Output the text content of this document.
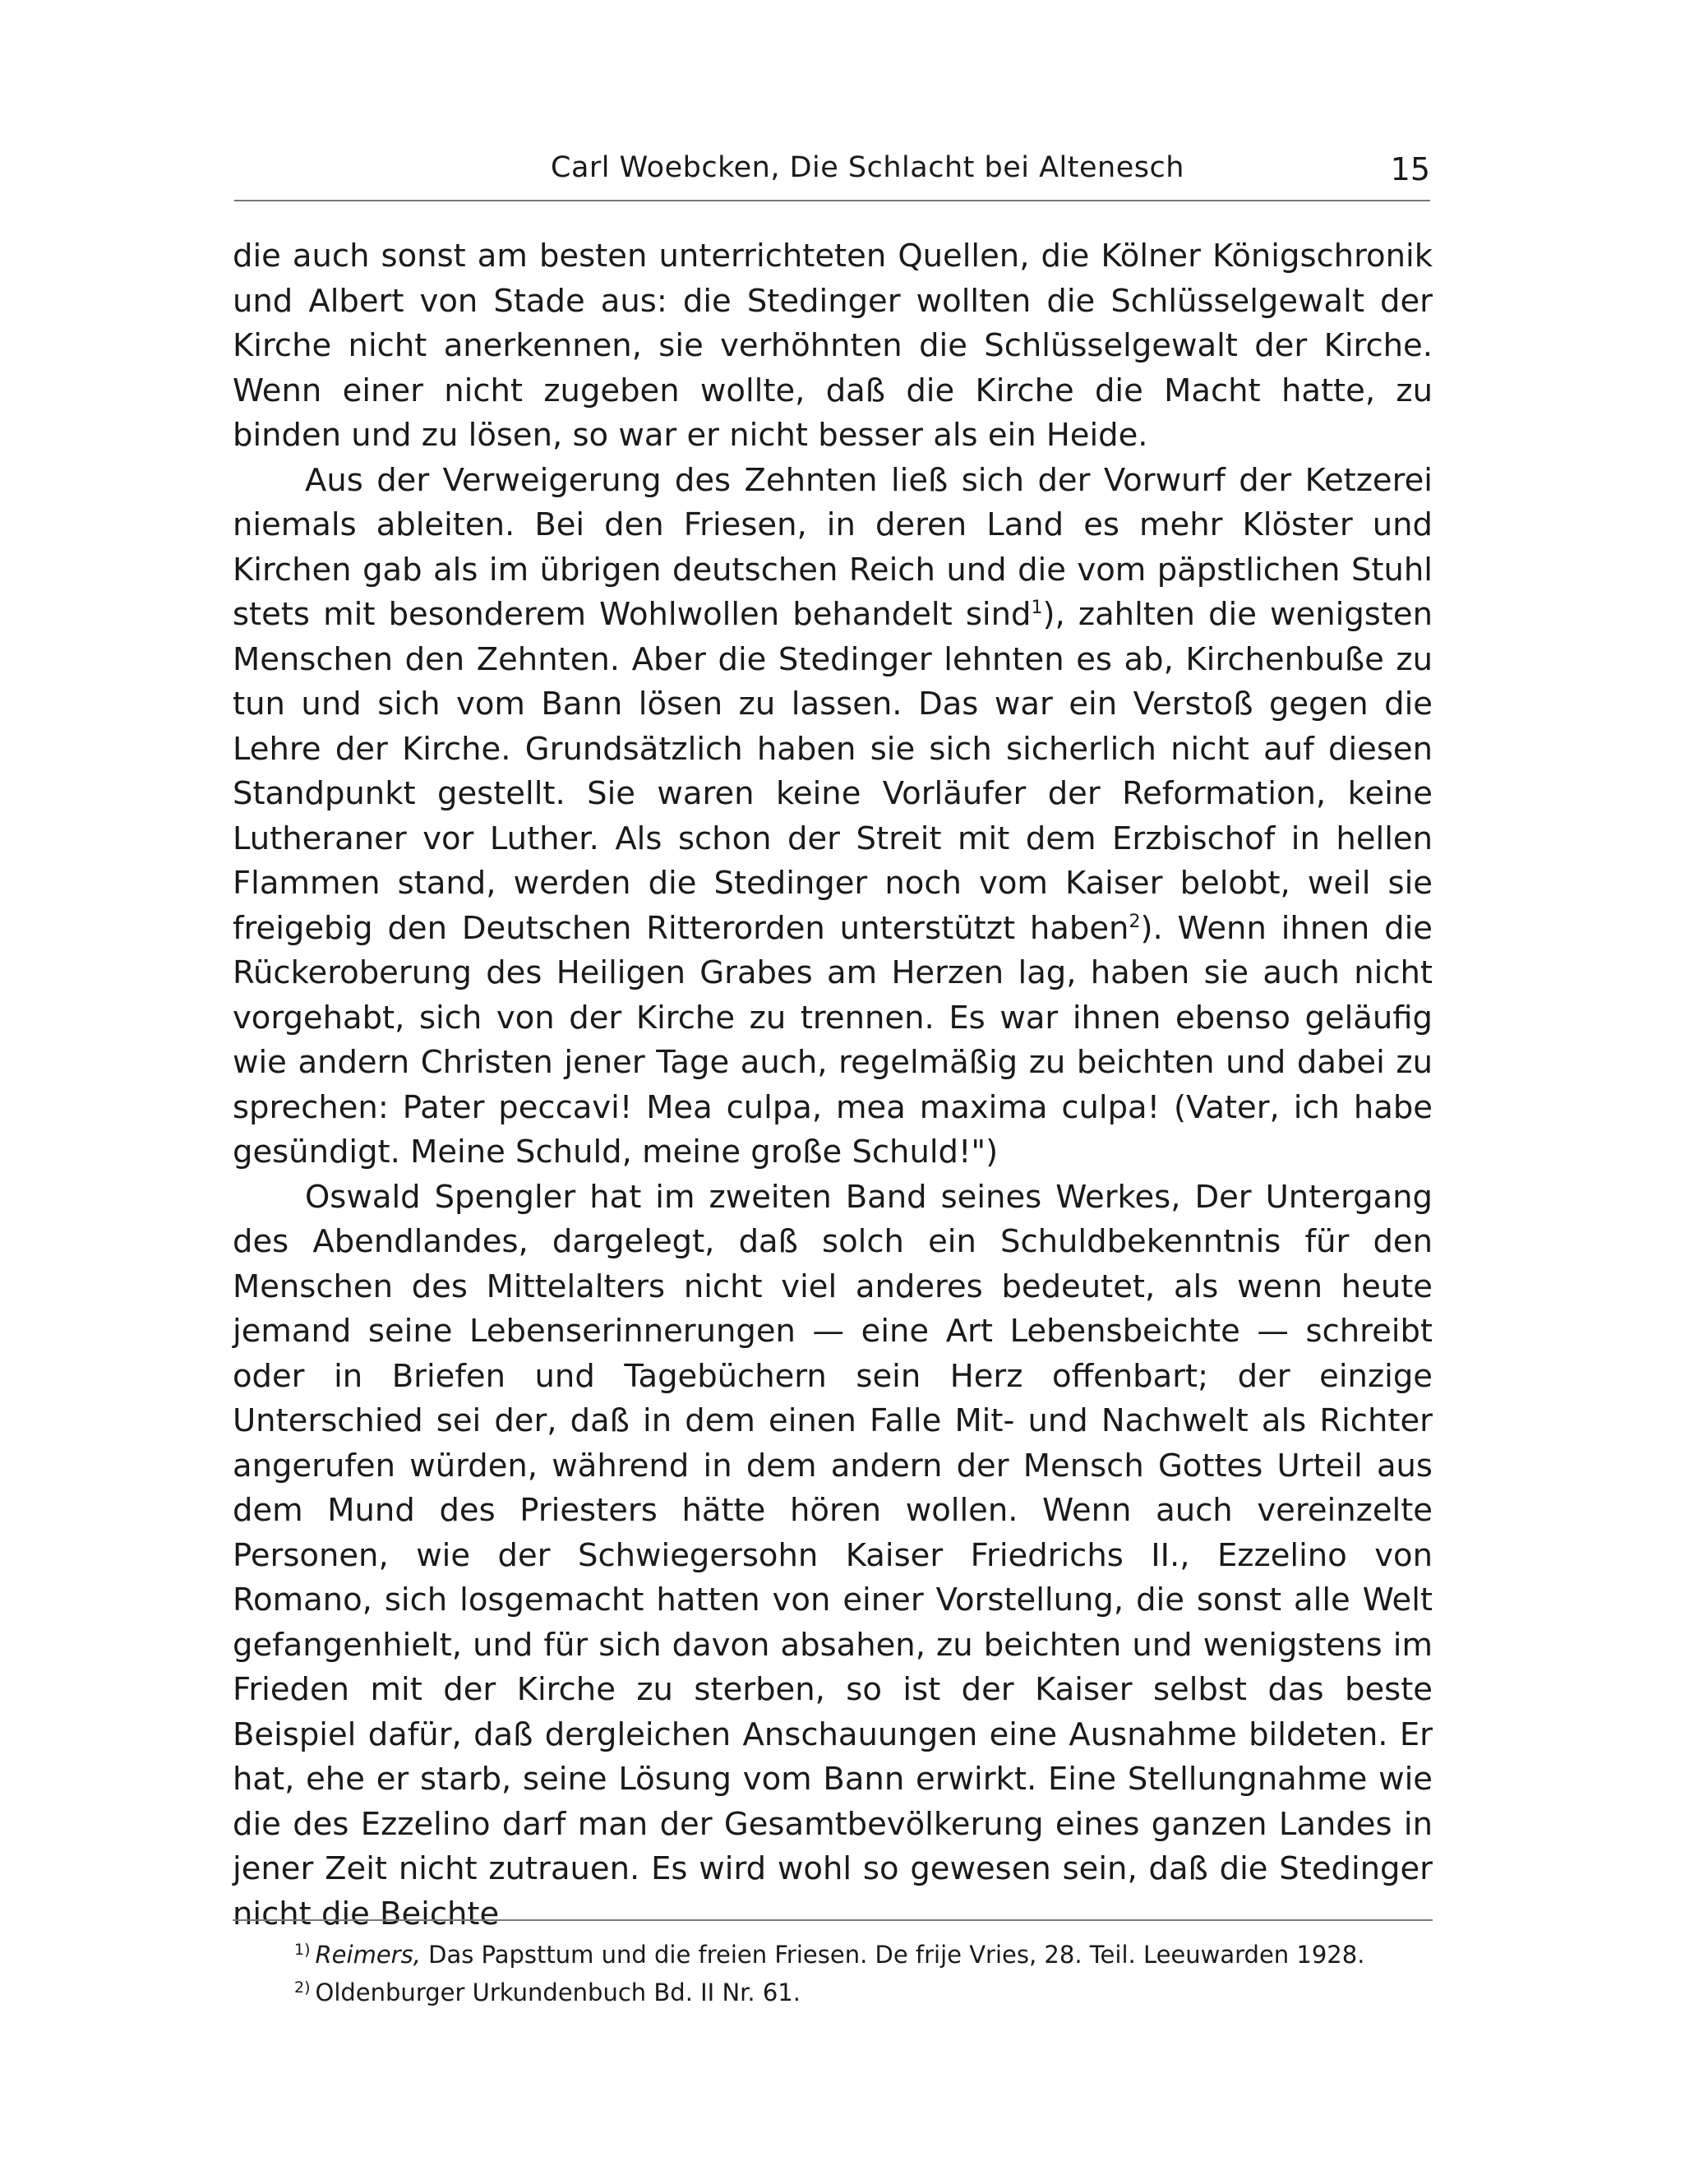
Carl Woebcken, Die Schlacht bei Altenesch	15

die auch sonst am besten unterrichteten Quellen, die Kölner Königschronik und Albert von Stade aus: die Stedinger wollten die Schlüsselgewalt der Kirche nicht anerkennen, sie verhöhnten die Schlüsselgewalt der Kirche. Wenn einer nicht zugeben wollte, daß die Kirche die Macht hatte, zu binden und zu lösen, so war er nicht besser als ein Heide.

Aus der Verweigerung des Zehnten ließ sich der Vorwurf der Ketzerei niemals ableiten. Bei den Friesen, in deren Land es mehr Klöster und Kirchen gab als im übrigen deutschen Reich und die vom päpstlichen Stuhl stets mit besonderem Wohlwollen behandelt sind$^1$), zahlten die wenigsten Menschen den Zehnten. Aber die Stedinger lehnten es ab, Kirchenbuße zu tun und sich vom Bann lösen zu lassen. Das war ein Verstoß gegen die Lehre der Kirche. Grundsätzlich haben sie sich sicherlich nicht auf diesen Standpunkt gestellt. Sie waren keine Vorläufer der Reformation, keine Lutheraner vor Luther. Als schon der Streit mit dem Erzbischof in hellen Flammen stand, werden die Stedinger noch vom Kaiser belobt, weil sie freigebig den Deutschen Ritterorden unterstützt haben$^2$). Wenn ihnen die Rückeroberung des Heiligen Grabes am Herzen lag, haben sie auch nicht vorgehabt, sich von der Kirche zu trennen. Es war ihnen ebenso geläufig wie andern Christen jener Tage auch, regelmäßig zu beichten und dabei zu sprechen: Pater peccavi! Mea culpa, mea maxima culpa! (Vater, ich habe gesündigt. Meine Schuld, meine große Schuld!")

Oswald Spengler hat im zweiten Band seines Werkes, Der Untergang des Abendlandes, dargelegt, daß solch ein Schuldbekenntnis für den Menschen des Mittelalters nicht viel anderes bedeutet, als wenn heute jemand seine Lebenserinnerungen — eine Art Lebensbeichte — schreibt oder in Briefen und Tagebüchern sein Herz offenbart; der einzige Unterschied sei der, daß in dem einen Falle Mit- und Nachwelt als Richter angerufen würden, während in dem andern der Mensch Gottes Urteil aus dem Mund des Priesters hätte hören wollen. Wenn auch vereinzelte Personen, wie der Schwiegersohn Kaiser Friedrichs II., Ezzelino von Romano, sich losgemacht hatten von einer Vorstellung, die sonst alle Welt gefangenhielt, und für sich davon absahen, zu beichten und wenigstens im Frieden mit der Kirche zu sterben, so ist der Kaiser selbst das beste Beispiel dafür, daß dergleichen Anschauungen eine Ausnahme bildeten. Er hat, ehe er starb, seine Lösung vom Bann erwirkt. Eine Stellungnahme wie die des Ezzelino darf man der Gesamtbevölkerung eines ganzen Landes in jener Zeit nicht zutrauen. Es wird wohl so gewesen sein, daß die Stedinger nicht die Beichte

$^{1)}$ Reimers, Das Papsttum und die freien Friesen. De frije Vries, 28. Teil. Leeuwarden 1928.

$^{2)}$ Oldenburger Urkundenbuch Bd. II Nr. 61.
